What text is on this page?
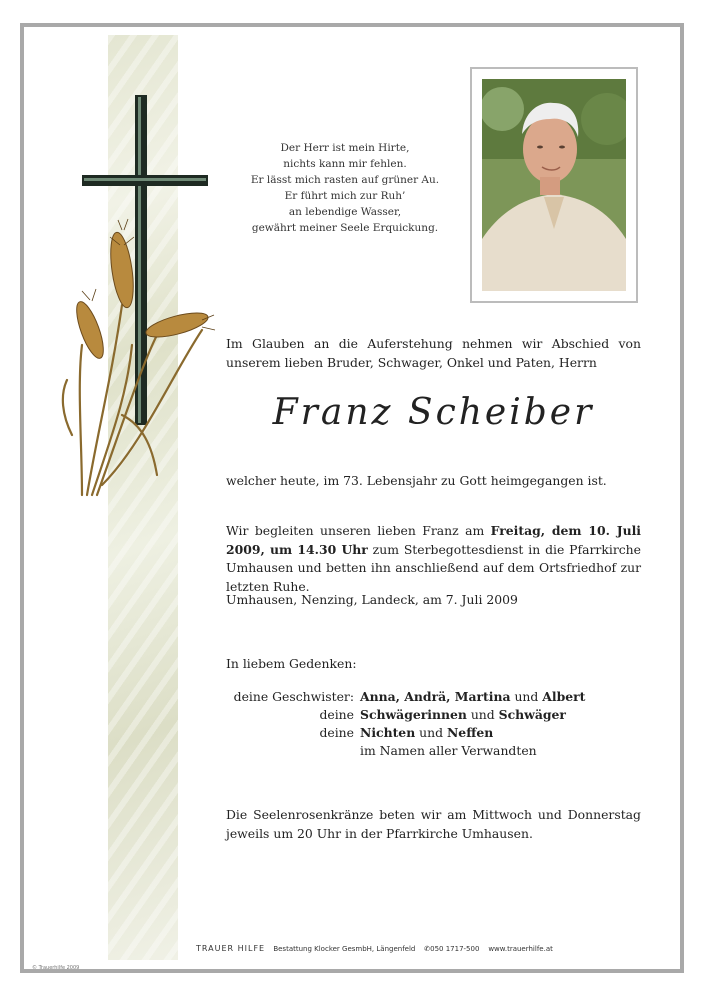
Der Herr ist mein Hirte,
nichts kann mir fehlen.
Er lässt mich rasten auf grüner Au.
Er führt mich zur Ruh’
an lebendige Wasser,
gewährt meiner Seele Erquickung.
Im Glauben an die Auferstehung nehmen wir Abschied von unserem lieben Bruder, Schwager, Onkel und Paten, Herrn
Franz Scheiber
welcher heute, im 73. Lebensjahr zu Gott heimgegangen ist.
Wir begleiten unseren lieben Franz am Freitag, dem 10. Juli 2009, um 14.30 Uhr zum Sterbegottesdienst in die Pfarrkirche Umhausen und betten ihn anschließend auf dem Ortsfriedhof zur letzten Ruhe.
Umhausen, Nenzing, Landeck, am 7. Juli 2009
In liebem Gedenken:
deine Geschwister: Anna, Andrä, Martina und Albert
deine Schwägerinnen und Schwäger
deine Nichten und Neffen
im Namen aller Verwandten
Die Seelenrosenkränze beten wir am Mittwoch und Donnerstag jeweils um 20 Uhr in der Pfarrkirche Umhausen.
TRAUER HILFE Bestattung Klocker GesmbH, Längenfeld ✆050 1717-500 www.trauerhilfe.at
© Trauerhilfe 2009
